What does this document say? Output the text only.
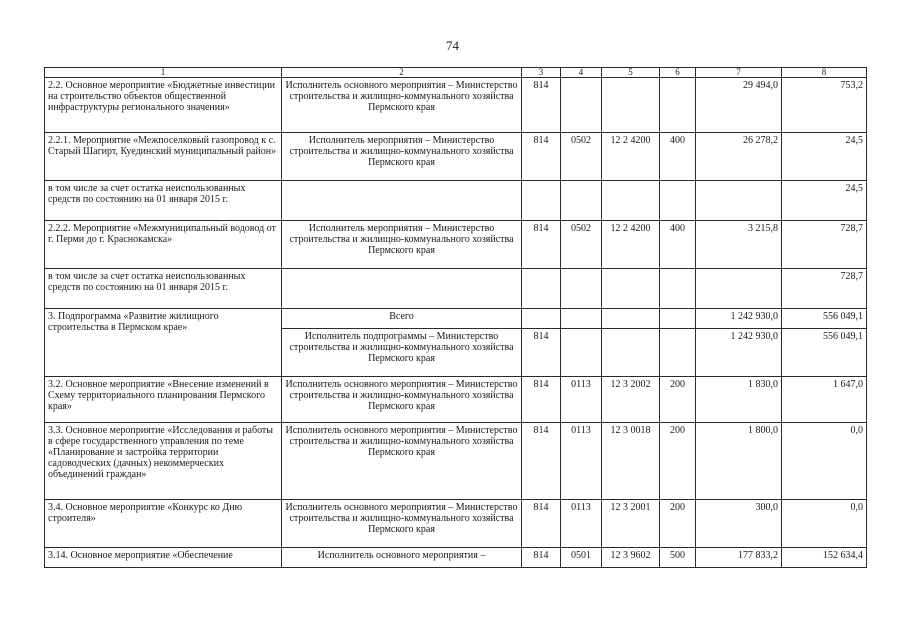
74
1	2	3	4	5	6	7	8
2.2. Основное мероприятие «Бюджетные инвестиции на строительство объектов общественной инфраструктуры регионального значения»	Исполнитель основного мероприятия – Министерство строительства и жилищно-коммунального хозяйства Пермского края	814				29 494,0	753,2
2.2.1. Мероприятие «Межпоселковый газопровод к с. Старый Шагирт, Куединский муниципальный район»	Исполнитель мероприятия – Министерство строительства и жилищно-коммунального хозяйства Пермского края	814	0502	12 2 4200	400	26 278,2	24,5
в том числе за счет остатка неиспользованных средств по состоянию на 01 января 2015 г.							24,5
2.2.2. Мероприятие «Межмуниципальный водовод от г. Перми до г. Краснокамска»	Исполнитель мероприятия – Министерство строительства и жилищно-коммунального хозяйства Пермского края	814	0502	12 2 4200	400	3 215,8	728,7
в том числе за счет остатка неиспользованных средств по состоянию на 01 января 2015 г.							728,7
3. Подпрограмма «Развитие жилищного строительства в Пермском крае»	Всего					1 242 930,0	556 049,1
	Исполнитель подпрограммы – Министерство строительства и жилищно-коммунального хозяйства Пермского края	814				1 242 930,0	556 049,1
3.2. Основное мероприятие «Внесение изменений в Схему территориального планирования Пермского края»	Исполнитель основного мероприятия – Министерство строительства и жилищно-коммунального хозяйства Пермского края	814	0113	12 3 2002	200	1 830,0	1 647,0
3.3. Основное мероприятие «Исследования и работы в сфере государственного управления по теме «Планирование и застройка территории садоводческих (дачных) некоммерческих объединений граждан»	Исполнитель основного мероприятия – Министерство строительства и жилищно-коммунального хозяйства Пермского края	814	0113	12 3 0018	200	1 800,0	0,0
3.4. Основное мероприятие «Конкурс ко Дню строителя»	Исполнитель основного мероприятия – Министерство строительства и жилищно-коммунального хозяйства Пермского края	814	0113	12 3 2001	200	300,0	0,0
3.14. Основное мероприятие «Обеспечение	Исполнитель основного мероприятия –	814	0501	12 3 9602	500	177 833,2	152 634,4
